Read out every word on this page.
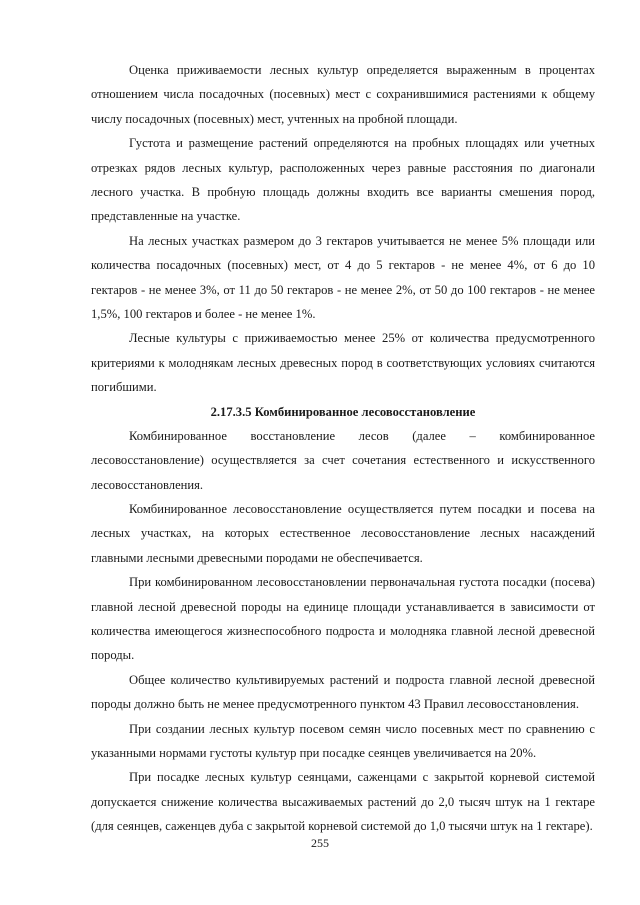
Оценка приживаемости лесных культур определяется выраженным в процентах отношением числа посадочных (посевных) мест с сохранившимися растениями к общему числу посадочных (посевных) мест, учтенных на пробной площади.

Густота и размещение растений определяются на пробных площадях или учетных отрезках рядов лесных культур, расположенных через равные расстояния по диагонали лесного участка. В пробную площадь должны входить все варианты смешения пород, представленные на участке.

На лесных участках размером до 3 гектаров учитывается не менее 5% площади или количества посадочных (посевных) мест, от 4 до 5 гектаров - не менее 4%, от 6 до 10 гектаров - не менее 3%, от 11 до 50 гектаров - не менее 2%, от 50 до 100 гектаров - не менее 1,5%, 100 гектаров и более - не менее 1%.

Лесные культуры с приживаемостью менее 25% от количества предусмотренного критериями к молоднякам лесных древесных пород в соответствующих условиях считаются погибшими.

2.17.3.5 Комбинированное лесовосстановление

Комбинированное восстановление лесов (далее – комбинированное лесовосстановление) осуществляется за счет сочетания естественного и искусственного лесовосстановления.

Комбинированное лесовосстановление осуществляется путем посадки и посева на лесных участках, на которых естественное лесовосстановление лесных насаждений главными лесными древесными породами не обеспечивается.

При комбинированном лесовосстановлении первоначальная густота посадки (посева) главной лесной древесной породы на единице площади устанавливается в зависимости от количества имеющегося жизнеспособного подроста и молодняка главной лесной древесной породы.

Общее количество культивируемых растений и подроста главной лесной древесной породы должно быть не менее предусмотренного пунктом 43 Правил лесовосстановления.

При создании лесных культур посевом семян число посевных мест по сравнению с указанными нормами густоты культур при посадке сеянцев увеличивается на 20%.

При посадке лесных культур сеянцами, саженцами с закрытой корневой системой допускается снижение количества высаживаемых растений до 2,0 тысяч штук на 1 гектаре (для сеянцев, саженцев дуба с закрытой корневой системой до 1,0 тысячи штук на 1 гектаре).

255
